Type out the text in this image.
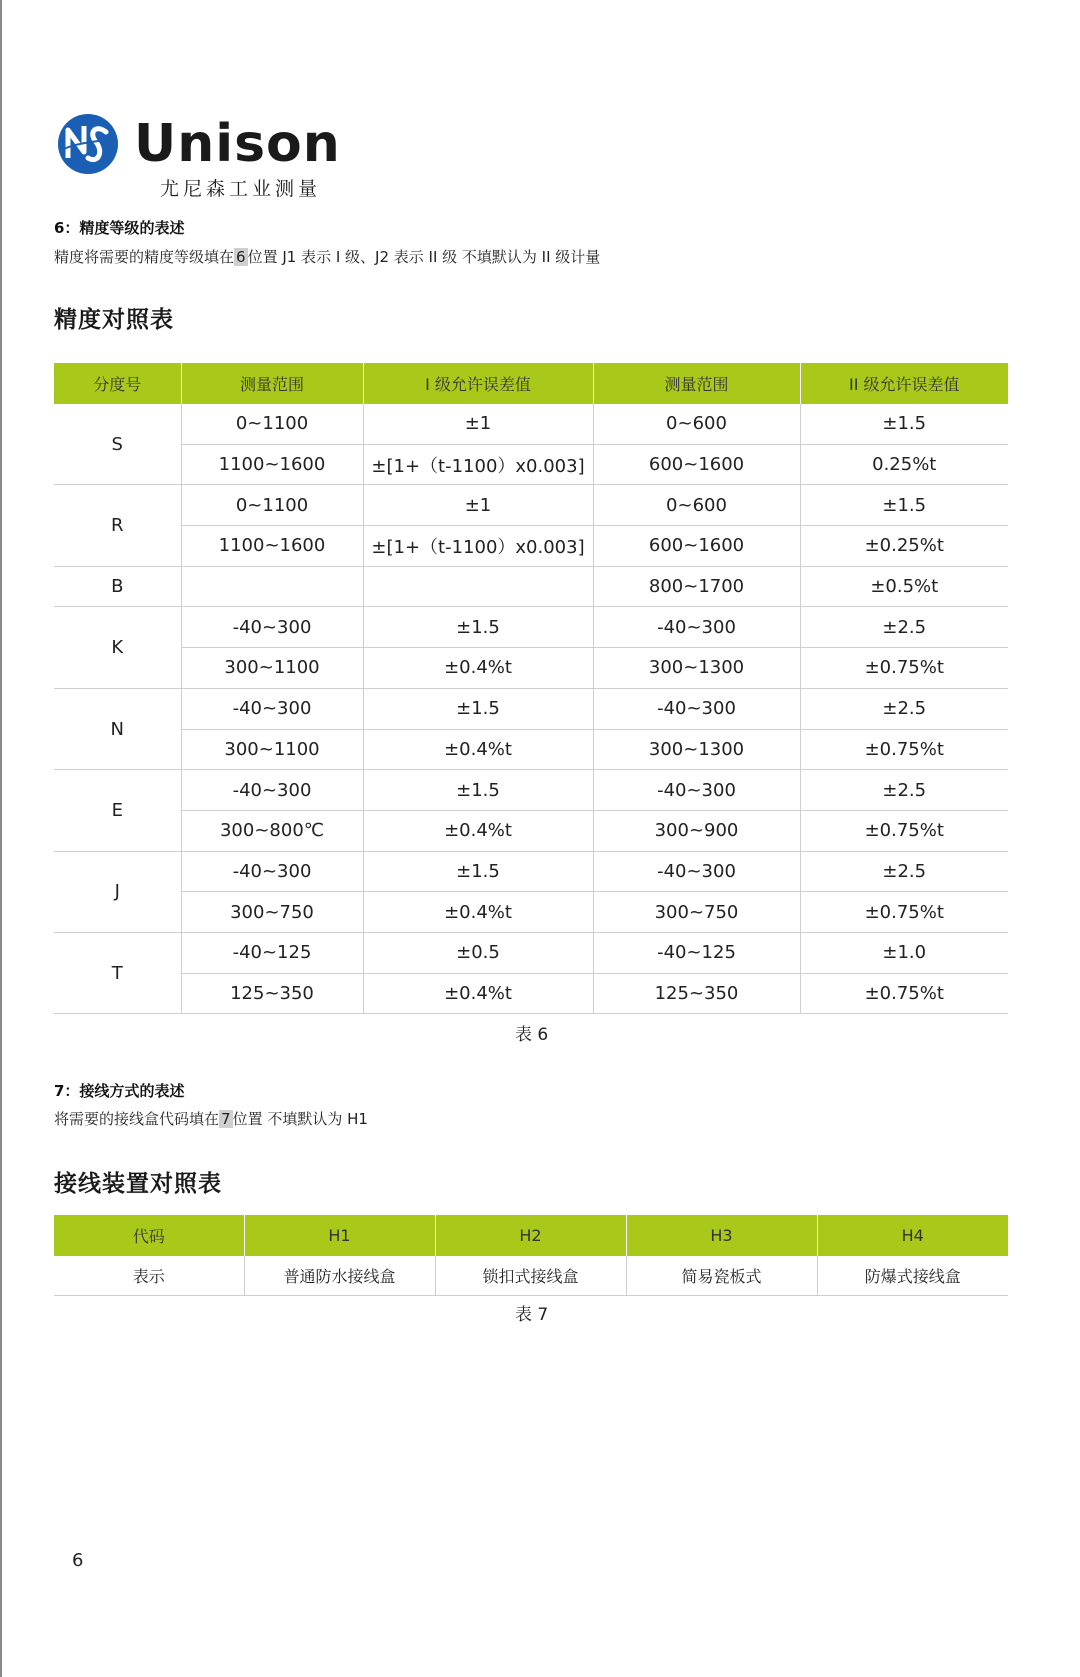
Unison
尤尼森工业测量
6：精度等级的表述
精度将需要的精度等级填在 6 位置 J1 表示 I 级、J2 表示 II 级 不填默认为 II 级计量
精度对照表
分度号	测量范围	I 级允许误差值	测量范围	II 级允许误差值
S	0~1100	±1	0~600	±1.5
	1100~1600	±[1+（t-1100）x0.003]	600~1600	0.25%t
R	0~1100	±1	0~600	±1.5
	1100~1600	±[1+（t-1100）x0.003]	600~1600	±0.25%t
B			800~1700	±0.5%t
K	-40~300	±1.5	-40~300	±2.5
	300~1100	±0.4%t	300~1300	±0.75%t
N	-40~300	±1.5	-40~300	±2.5
	300~1100	±0.4%t	300~1300	±0.75%t
E	-40~300	±1.5	-40~300	±2.5
	300~800℃	±0.4%t	300~900	±0.75%t
J	-40~300	±1.5	-40~300	±2.5
	300~750	±0.4%t	300~750	±0.75%t
T	-40~125	±0.5	-40~125	±1.0
	125~350	±0.4%t	125~350	±0.75%t
表 6
7：接线方式的表述
将需要的接线盒代码填在 7 位置 不填默认为 H1
接线装置对照表
代码	H1	H2	H3	H4
表示	普通防水接线盒	锁扣式接线盒	简易瓷板式	防爆式接线盒
表 7
6
